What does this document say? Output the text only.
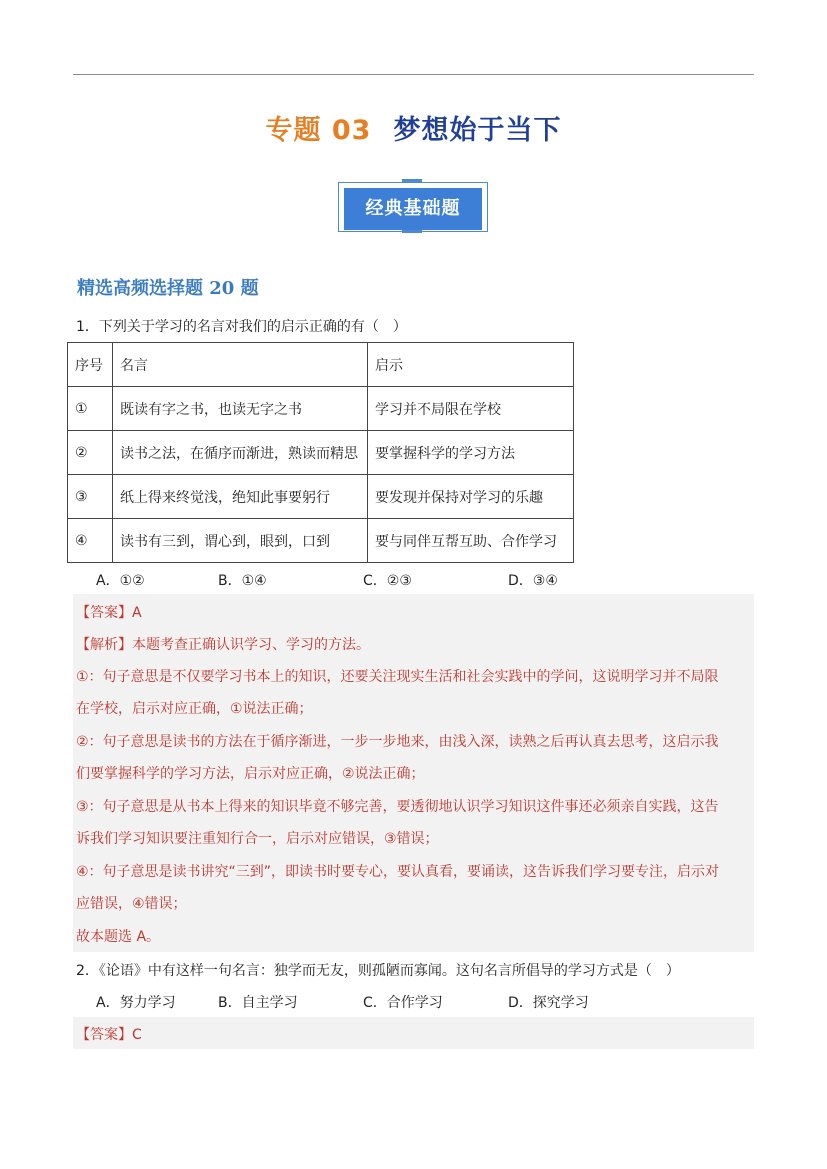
专题 03 梦想始于当下
经典基础题
精选高频选择题 20 题
1．下列关于学习的名言对我们的启示正确的有（　）
序号	名言	启示
①	既读有字之书，也读无字之书	学习并不局限在学校
②	读书之法，在循序而渐进，熟读而精思	要掌握科学的学习方法
③	纸上得来终觉浅，绝知此事要躬行	要发现并保持对学习的乐趣
④	读书有三到，谓心到，眼到，口到	要与同伴互帮互助、合作学习
A．①②	B．①④	C．②③	D．③④
【答案】A
【解析】本题考查正确认识学习、学习的方法。
①：句子意思是不仅要学习书本上的知识，还要关注现实生活和社会实践中的学问，这说明学习并不局限
在学校，启示对应正确，①说法正确；
②：句子意思是读书的方法在于循序渐进，一步一步地来，由浅入深，读熟之后再认真去思考，这启示我
们要掌握科学的学习方法，启示对应正确，②说法正确；
③：句子意思是从书本上得来的知识毕竟不够完善，要透彻地认识学习知识这件事还必须亲自实践，这告
诉我们学习知识要注重知行合一，启示对应错误，③错误；
④：句子意思是读书讲究“三到”，即读书时要专心，要认真看，要诵读，这告诉我们学习要专注，启示对
应错误，④错误；
故本题选 A。
2．《论语》中有这样一句名言：独学而无友，则孤陋而寡闻。这句名言所倡导的学习方式是（　）
A．努力学习	B．自主学习	C．合作学习	D．探究学习
【答案】C
